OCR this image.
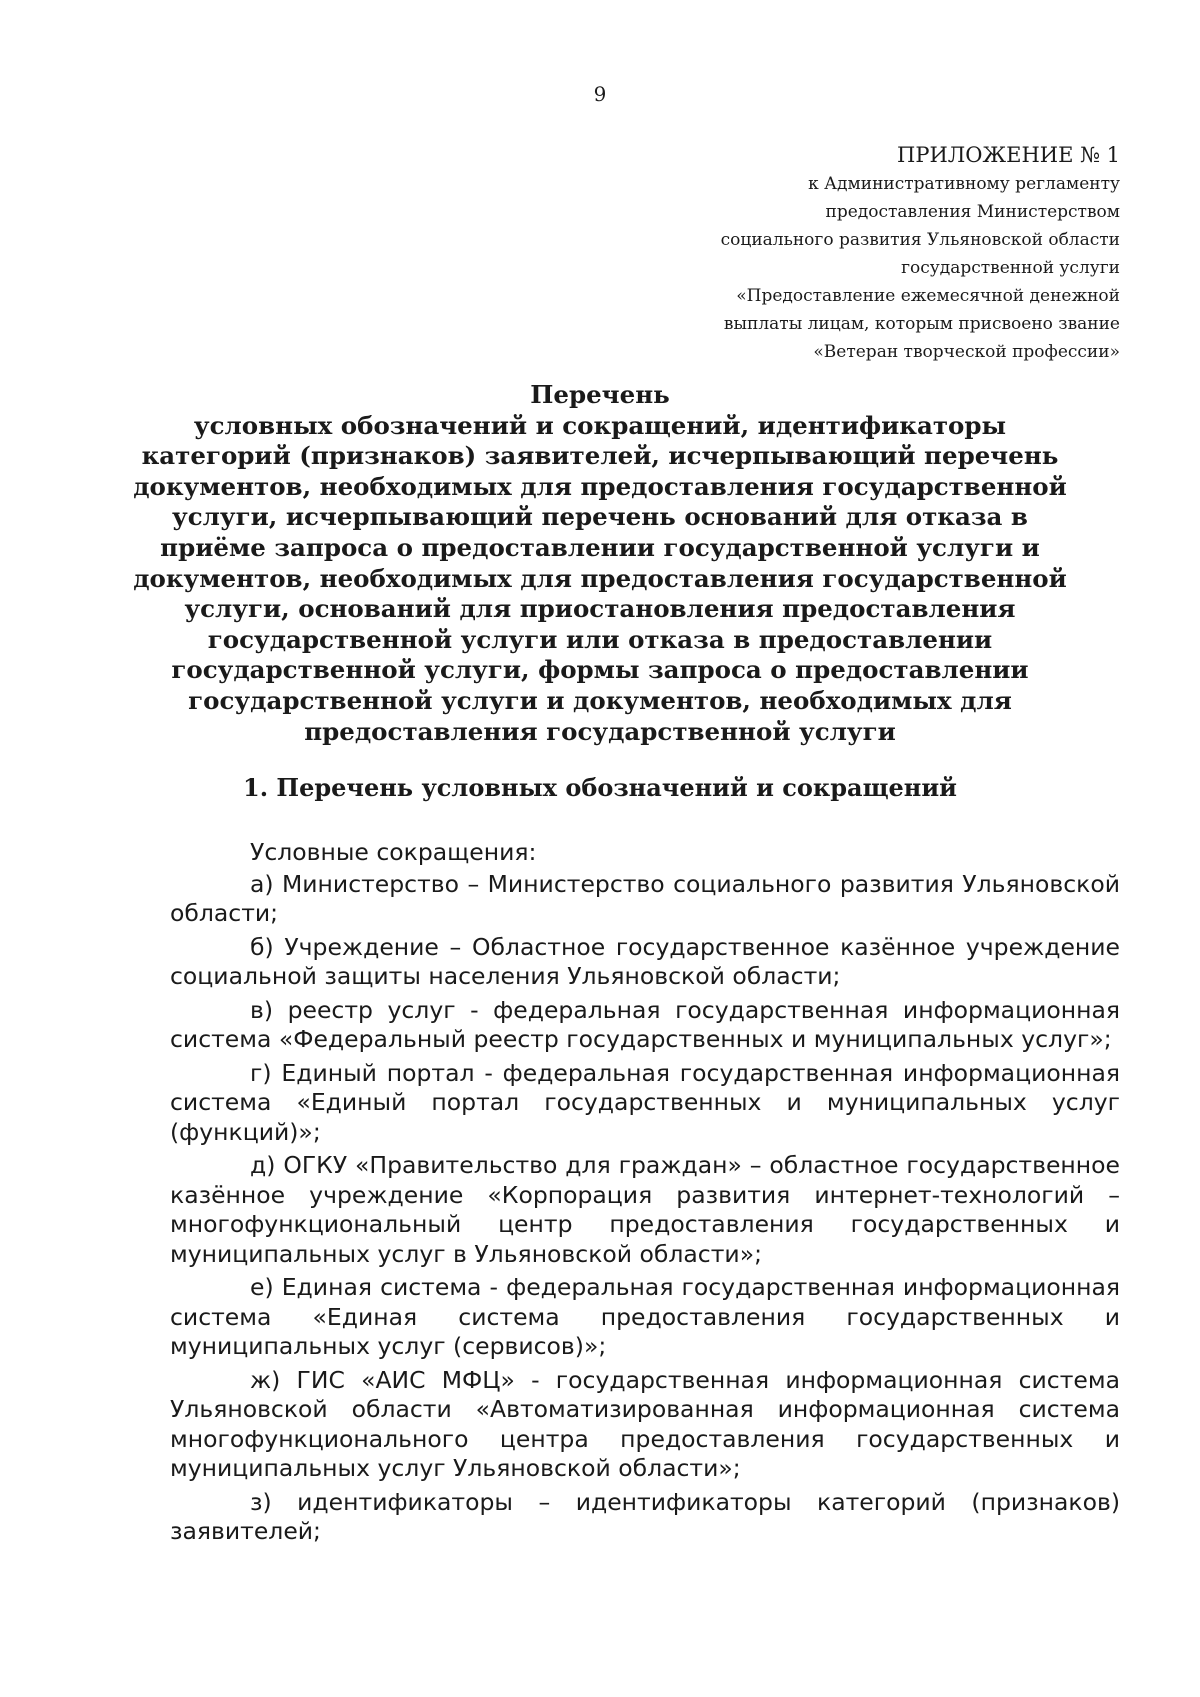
9
ПРИЛОЖЕНИЕ № 1
к Административному регламенту
предоставления Министерством
социального развития Ульяновской области
государственной услуги
«Предоставление ежемесячной денежной
выплаты лицам, которым присвоено звание
«Ветеран творческой профессии»
Перечень
условных обозначений и сокращений, идентификаторы категорий (признаков) заявителей, исчерпывающий перечень документов, необходимых для предоставления государственной услуги, исчерпывающий перечень оснований для отказа в приёме запроса о предоставлении государственной услуги и документов, необходимых для предоставления государственной услуги, оснований для приостановления предоставления государственной услуги или отказа в предоставлении государственной услуги, формы запроса о предоставлении государственной услуги и документов, необходимых для предоставления государственной услуги
1. Перечень условных обозначений и сокращений

Условные сокращения:

а) Министерство – Министерство социального развития Ульяновской области;

б) Учреждение – Областное государственное казённое учреждение социальной защиты населения Ульяновской области;

в) реестр услуг - федеральная государственная информационная система «Федеральный реестр государственных и муниципальных услуг»;

г) Единый портал - федеральная государственная информационная система «Единый портал государственных и муниципальных услуг (функций)»;

д) ОГКУ «Правительство для граждан» – областное государственное казённое учреждение «Корпорация развития интернет-технологий – многофункциональный центр предоставления государственных и муниципальных услуг в Ульяновской области»;

е) Единая система - федеральная государственная информационная система «Единая система предоставления государственных и муниципальных услуг (сервисов)»;

ж) ГИС «АИС МФЦ» - государственная информационная система Ульяновской области «Автоматизированная информационная система многофункционального центра предоставления государственных и муниципальных услуг Ульяновской области»;

з) идентификаторы – идентификаторы категорий (признаков) заявителей;
